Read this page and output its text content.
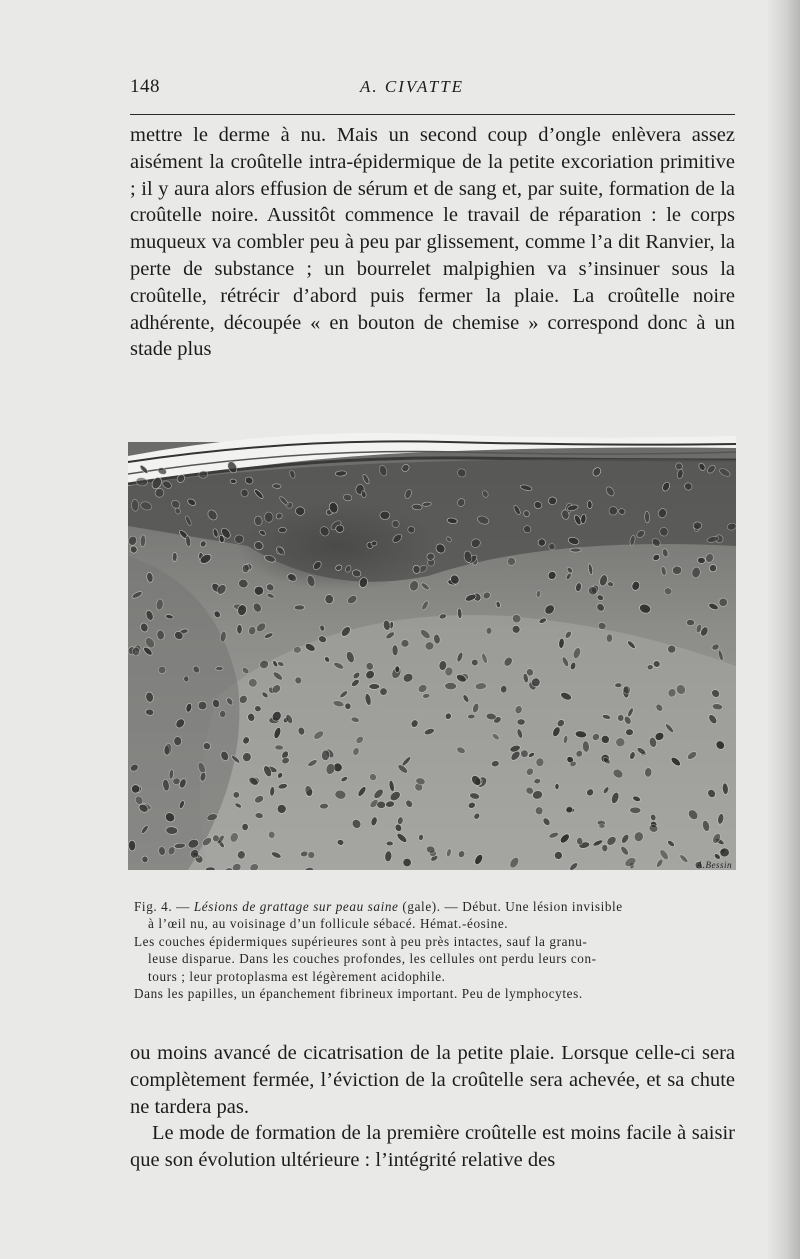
148	A. CIVATTE

mettre le derme à nu. Mais un second coup d’ongle enlèvera assez aisément la croûtelle intra-épidermique de la petite excoriation primitive ; il y aura alors effusion de sérum et de sang et, par suite, formation de la croûtelle noire. Aussitôt commence le travail de réparation : le corps muqueux va combler peu à peu par glissement, comme l’a dit Ranvier, la perte de substance ; un bourrelet malpighien va s’insinuer sous la croûtelle, rétrécir d’abord puis fermer la plaie. La croûtelle noire adhérente, découpée « en bouton de chemise » correspond donc à un stade plus

A.Bessin
Fig. 4. — Lésions de grattage sur peau saine (gale). — Début. Une lésion invisible
à l’œil nu, au voisinage d’un follicule sébacé. Hémat.-éosine.
Les couches épidermiques supérieures sont à peu près intactes, sauf la granu-
leuse disparue. Dans les couches profondes, les cellules ont perdu leurs con-
tours ; leur protoplasma est légèrement acidophile.
Dans les papilles, un épanchement fibrineux important. Peu de lymphocytes.

ou moins avancé de cicatrisation de la petite plaie. Lorsque celle-ci sera complètement fermée, l’éviction de la croûtelle sera achevée, et sa chute ne tardera pas.

Le mode de formation de la première croûtelle est moins facile à saisir que son évolution ultérieure : l’intégrité relative des
